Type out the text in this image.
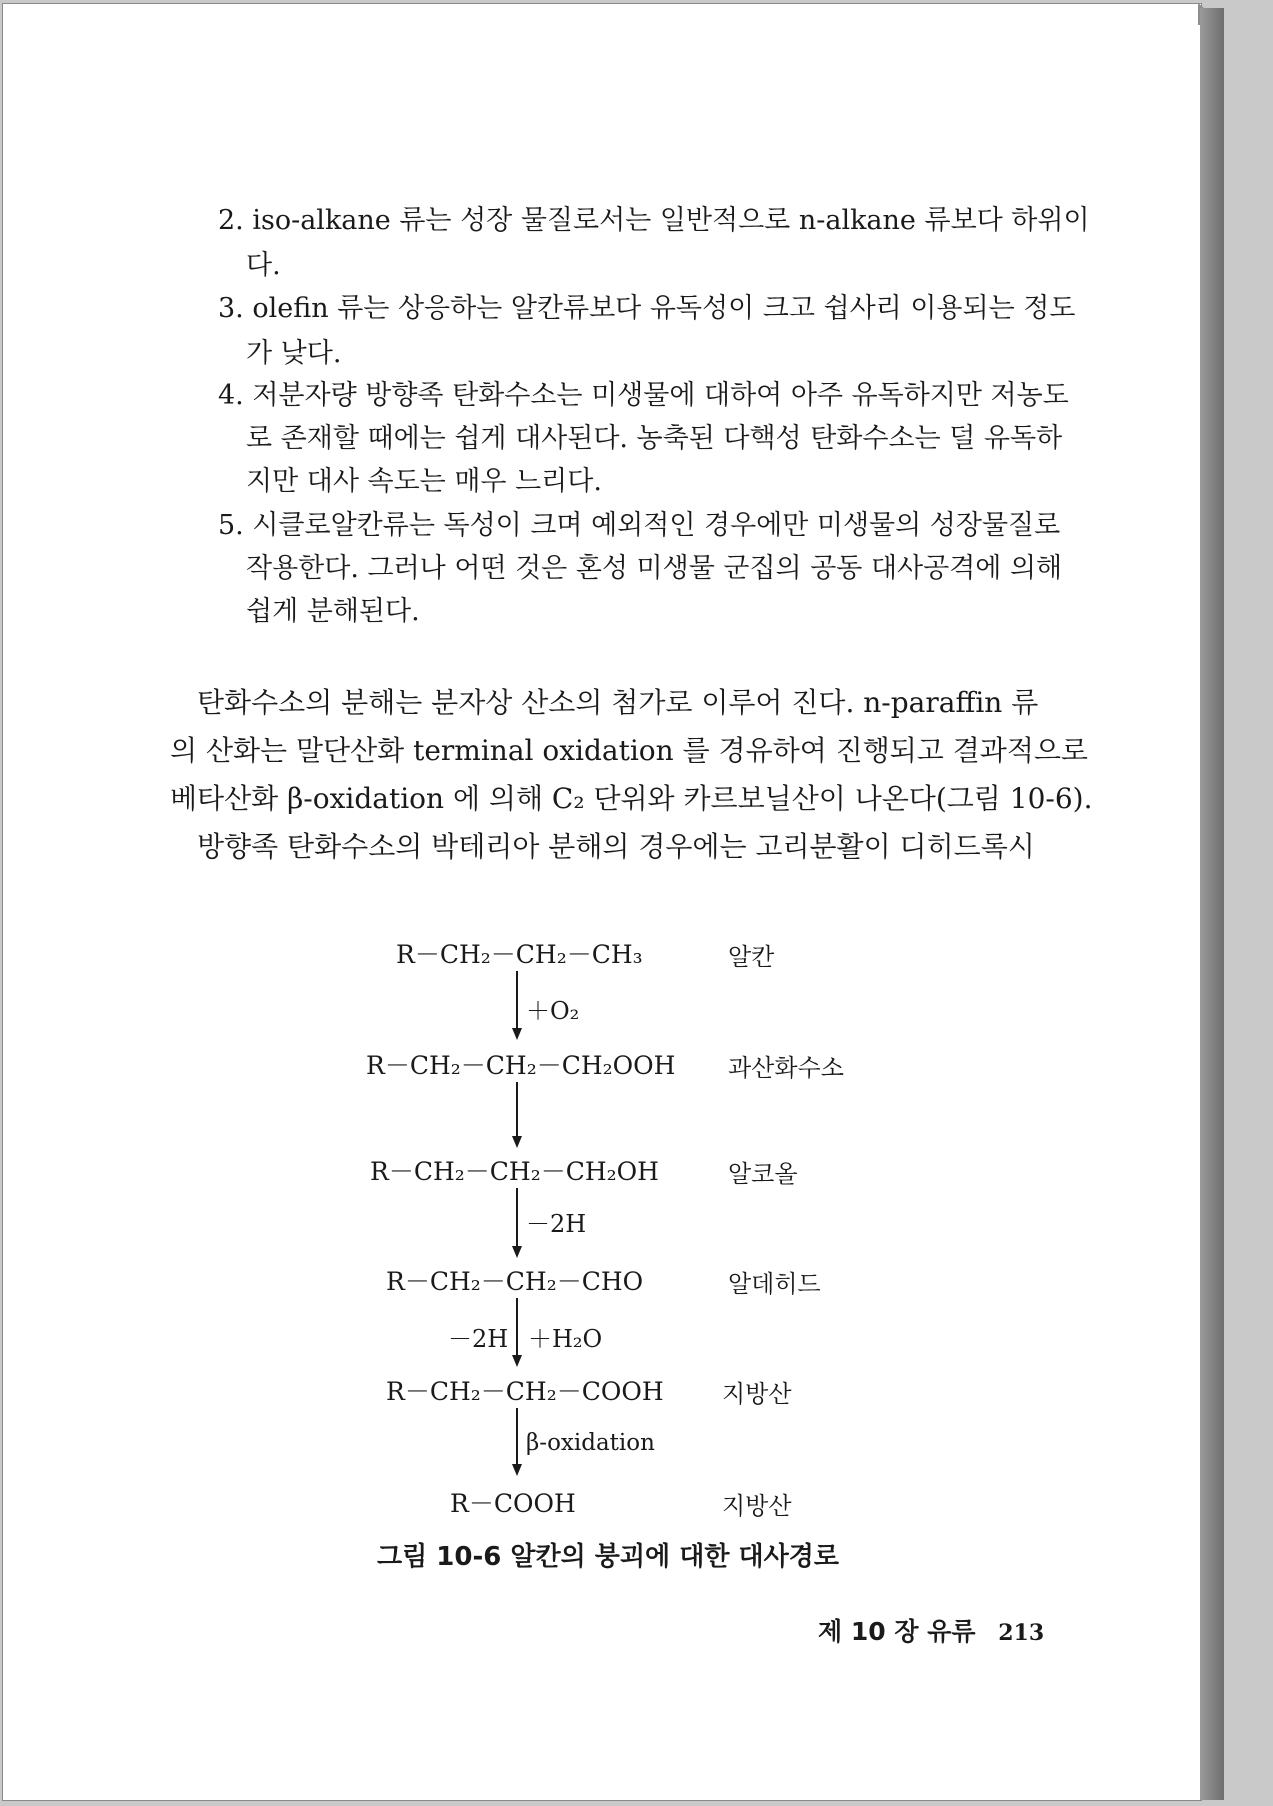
2. iso-alkane 류는 성장 물질로서는 일반적으로 n-alkane 류보다 하위이
다.
3. olefin 류는 상응하는 알칸류보다 유독성이 크고 쉽사리 이용되는 정도
가 낮다.
4. 저분자량 방향족 탄화수소는 미생물에 대하여 아주 유독하지만 저농도
로 존재할 때에는 쉽게 대사된다. 농축된 다핵성 탄화수소는 덜 유독하
지만 대사 속도는 매우 느리다.
5. 시클로알칸류는 독성이 크며 예외적인 경우에만 미생물의 성장물질로
작용한다. 그러나 어떤 것은 혼성 미생물 군집의 공동 대사공격에 의해
쉽게 분해된다.
탄화수소의 분해는 분자상 산소의 첨가로 이루어 진다. n-paraffin 류
의 산화는 말단산화 terminal oxidation 를 경유하여 진행되고 결과적으로
베타산화 β-oxidation 에 의해 C₂ 단위와 카르보닐산이 나온다(그림 10-6).
방향족 탄화수소의 박테리아 분해의 경우에는 고리분활이 디히드록시
R－CH₂－CH₂－CH₃	알칸
＋O₂
R－CH₂－CH₂－CH₂OOH 과산화수소
R－CH₂－CH₂－CH₂OH	알코올
－2H
R－CH₂－CH₂－CHO	알데히드
－2H ＋H₂O
R－CH₂－CH₂－COOH 지방산
β-oxidation
R－COOH	지방산
그림 10-6 알칸의 붕괴에 대한 대사경로
제 10 장 유류 213
